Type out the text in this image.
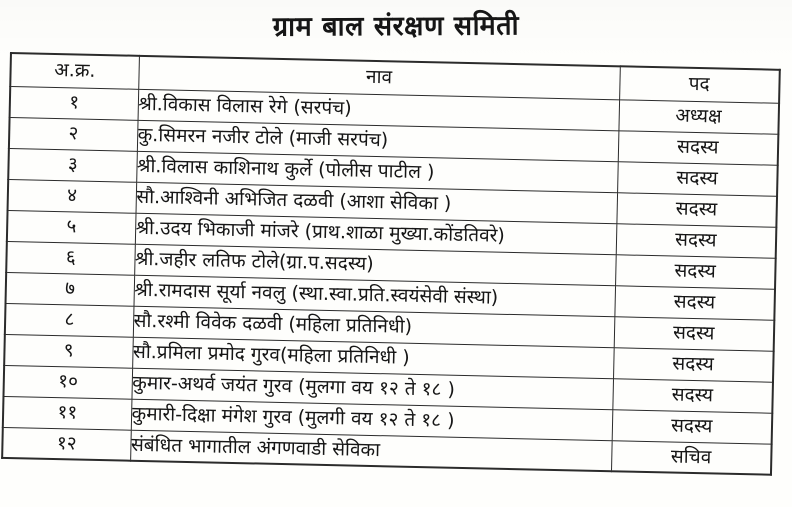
ग्राम बाल संरक्षण समिती
अ.क्र.	नाव	पद
१	श्री.विकास विलास रेगे (सरपंच)	अध्यक्ष
२	कु.सिमरन नजीर टोले (माजी सरपंच)	सदस्य
३	श्री.विलास काशिनाथ कुर्ले (पोलीस पाटील )	सदस्य
४	सौ.आश्विनी अभिजित दळवी (आशा सेविका )	सदस्य
५	श्री.उदय भिकाजी मांजरे (प्राथ.शाळा मुख्या.कोंडतिवरे)	सदस्य
६	श्री.जहीर लतिफ टोले(ग्रा.प.सदस्य)	सदस्य
७	श्री.रामदास सूर्या नवलु (स्था.स्वा.प्रति.स्वयंसेवी संस्था)	सदस्य
८	सौ.रश्मी विवेक दळवी (महिला प्रतिनिधी)	सदस्य
९	सौ.प्रमिला प्रमोद गुरव(महिला प्रतिनिधी )	सदस्य
१०	कुमार-अथर्व जयंत गुरव (मुलगा वय १२ ते १८ )	सदस्य
११	कुमारी-दिक्षा मंगेश गुरव (मुलगी वय १२ ते १८ )	सदस्य
१२	संबंधित भागातील अंगणवाडी सेविका	सचिव
